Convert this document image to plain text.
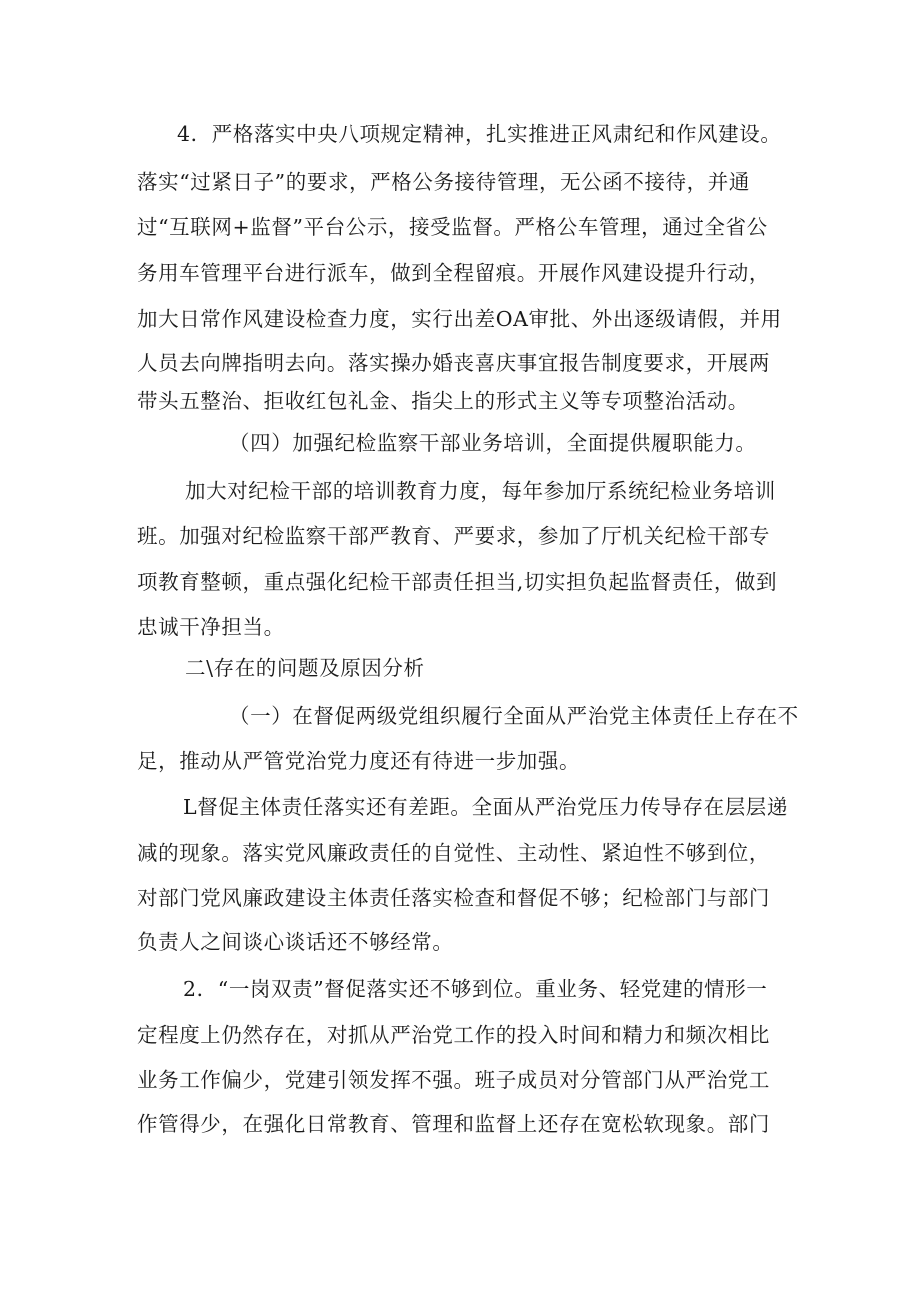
4．严格落实中央八项规定精神，扎实推进正风肃纪和作风建设。
落实“过紧日子”的要求，严格公务接待管理，无公函不接待，并通
过“互联网+监督”平台公示，接受监督。严格公车管理，通过全省公
务用车管理平台进行派车，做到全程留痕。开展作风建设提升行动，
加大日常作风建设检查力度，实行出差OA审批、外出逐级请假，并用
人员去向牌指明去向。落实操办婚丧喜庆事宜报告制度要求，开展两
带头五整治、拒收红包礼金、指尖上的形式主义等专项整治活动。
（四）加强纪检监察干部业务培训，全面提供履职能力。
加大对纪检干部的培训教育力度，每年参加厅系统纪检业务培训
班。加强对纪检监察干部严教育、严要求，参加了厅机关纪检干部专
项教育整顿，重点强化纪检干部责任担当,切实担负起监督责任，做到
忠诚干净担当。
二\存在的问题及原因分析
（一）在督促两级党组织履行全面从严治党主体责任上存在不
足，推动从严管党治党力度还有待进一步加强。
L督促主体责任落实还有差距。全面从严治党压力传导存在层层递
减的现象。落实党风廉政责任的自觉性、主动性、紧迫性不够到位，
对部门党风廉政建设主体责任落实检查和督促不够；纪检部门与部门
负责人之间谈心谈话还不够经常。
2．“一岗双责”督促落实还不够到位。重业务、轻党建的情形一
定程度上仍然存在，对抓从严治党工作的投入时间和精力和频次相比
业务工作偏少，党建引领发挥不强。班子成员对分管部门从严治党工
作管得少，在强化日常教育、管理和监督上还存在宽松软现象。部门
